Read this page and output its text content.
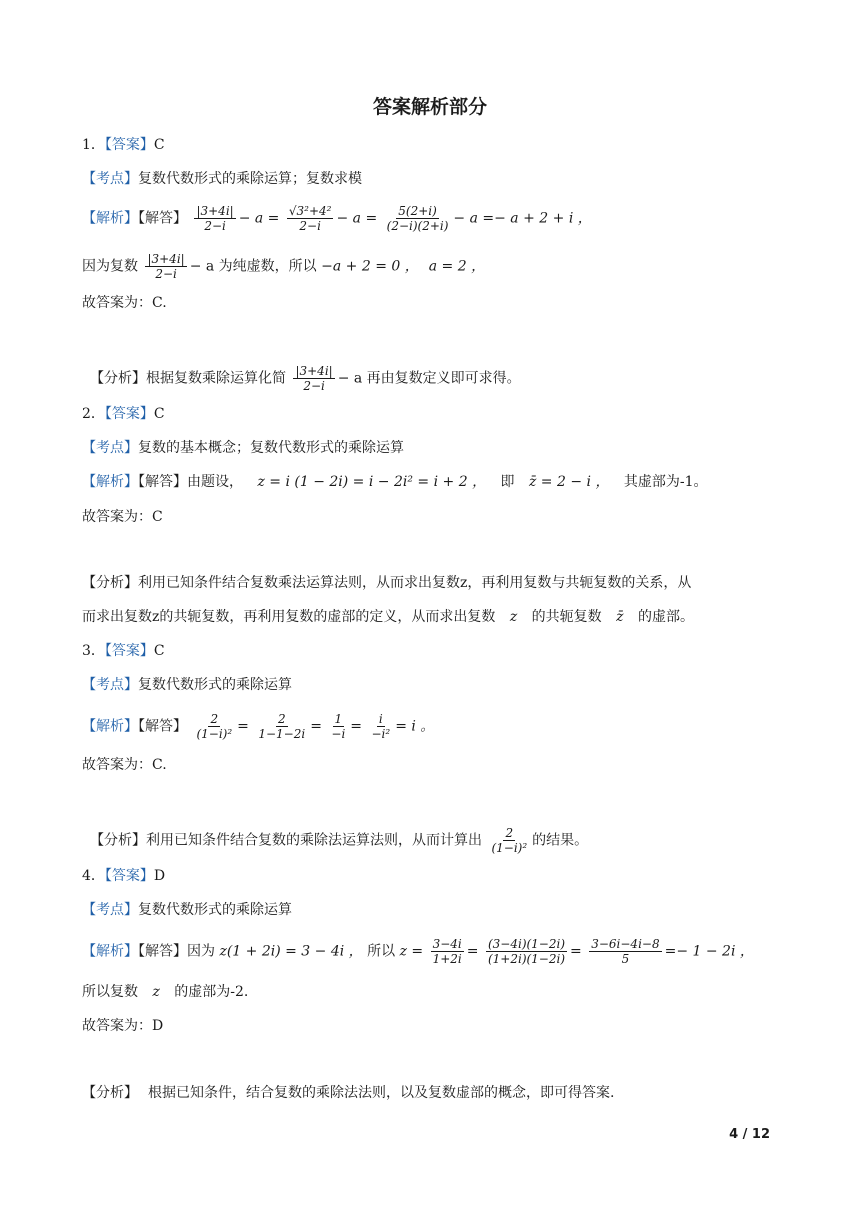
答案解析部分
1．【答案】C
【考点】复数代数形式的乘除运算；复数求模
【解析】【解答】 $\frac{|3+4i|}{2-i} - a = \frac{\text{√3²+4²}}{2-i} - a = \frac{5(2+i)}{(2-i)(2+i)} - a =- a + 2 + i$ ，
因为复数 $\frac{|3+4i|}{2-i} - a$ 为纯虚数，所以 −a + 2 = 0 ， a = 2 ，
故答案为：C.
【分析】根据复数乘除运算化简 $\frac{|3+4i|}{2-i} - a$ 再由复数定义即可求得。
2．【答案】C
【考点】复数的基本概念；复数代数形式的乘除运算
【解析】【解答】由题设， z = i (1 − 2i) = i − 2i² = i + 2 ， 即 z̄ = 2 − i ， 其虚部为-1。
故答案为：C
【分析】利用已知条件结合复数乘法运算法则，从而求出复数z，再利用复数与共轭复数的关系，从
而求出复数z的共轭复数，再利用复数的虚部的定义，从而求出复数 z 的共轭复数 z̄ 的虚部。
3．【答案】C
【考点】复数代数形式的乘除运算
【解析】【解答】 $\frac{2}{\text{(1−i)²}} = \frac{2}{1-1-2i} = \frac{1}{-i} = \frac{i}{\text{−i²}} = i$ 。
故答案为：C.
【分析】利用已知条件结合复数的乘除法运算法则，从而计算出 $\frac{2}{\text{(1−i)²}}$ 的结果。
4．【答案】D
【考点】复数代数形式的乘除运算
【解析】【解答】因为 z(1 + 2i) = 3 − 4i ， 所以 $z = \frac{3-4i}{1+2i} = \frac{(3-4i)(1-2i)}{(1+2i)(1-2i)} = \frac{3-6i-4i-8}{5} =- 1 - 2i$ ，
所以复数 z 的虚部为-2.
故答案为：D
【分析】 根据已知条件，结合复数的乘除法法则，以及复数虚部的概念，即可得答案.
4 / 12
